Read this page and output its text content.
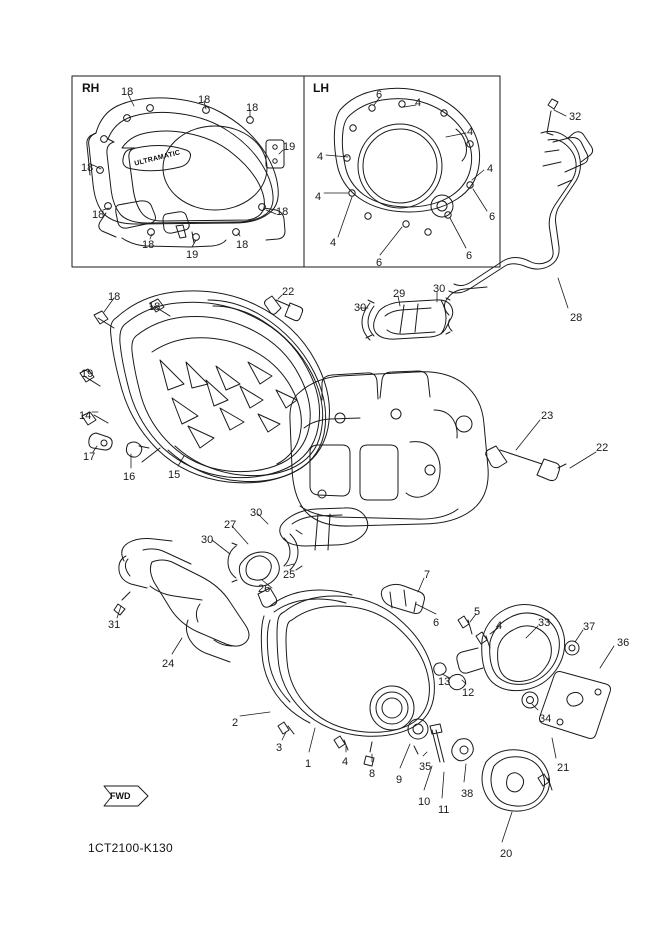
RH	LH
ULTRAMATIC
FWD
1CT2100-K130
18
18
18
19
18
18	18
18
19
18
6
4
4
4
4
4
6
4
6
6
32
28
29	30
30
22
18
18
19
14
17
16	15
23
22
30
27
30
25
26
31
24
7
6
5
4	33	37
36
13
12
34
21
2
3
1	4
8 9
10
11
38
35
20
